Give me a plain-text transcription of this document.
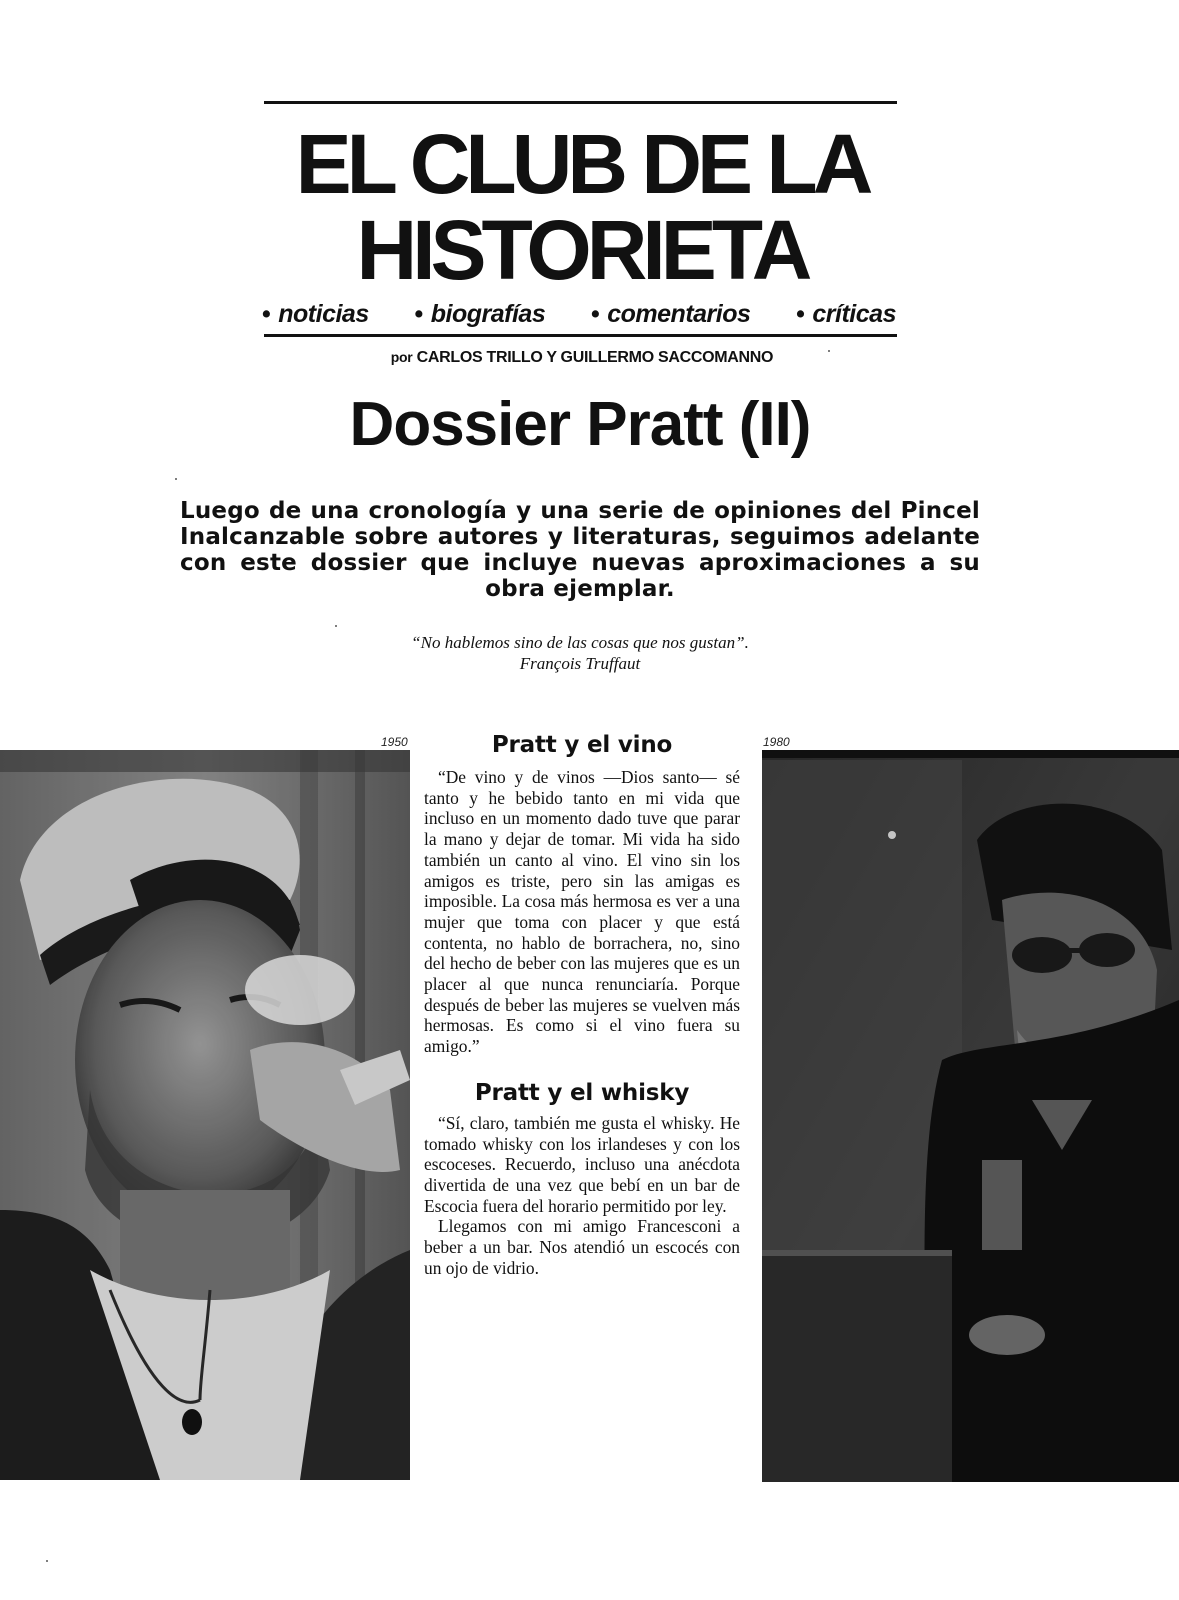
EL CLUB DE LA
HISTORIETA
• noticias • biografías • comentarios • críticas
por CARLOS TRILLO Y GUILLERMO SACCOMANNO
Dossier Pratt (II)
Luego de una cronología y una serie de opiniones del Pincel Inalcanzable sobre autores y literaturas, seguimos adelante con este dossier que incluye nuevas aproximaciones a su obra ejemplar.
“No hablemos sino de las cosas que nos gustan”.
François Truffaut
1950	Pratt y el vino

“De vino y de vinos —Dios santo— sé tanto y he bebido tanto en mi vida que incluso en un momento dado tuve que parar la mano y dejar de tomar. Mi vida ha sido también un canto al vino. El vino sin los amigos es triste, pero sin las amigas es imposible. La cosa más hermosa es ver a una mujer que toma con placer y que está contenta, no hablo de borrachera, no, sino del hecho de beber con las mujeres que es un placer al que nunca renunciaría. Porque después de beber las mujeres se vuelven más hermosas. Es como si el vino fuera su amigo.”

Pratt y el whisky

“Sí, claro, también me gusta el whisky. He tomado whisky con los irlandeses y con los escoceses. Recuerdo, incluso una anécdota divertida de una vez que bebí en un bar de Escocia fuera del horario permitido por ley.

Llegamos con mi amigo Francesconi a beber a un bar. Nos atendió un escocés con un ojo de vidrio.

1980
